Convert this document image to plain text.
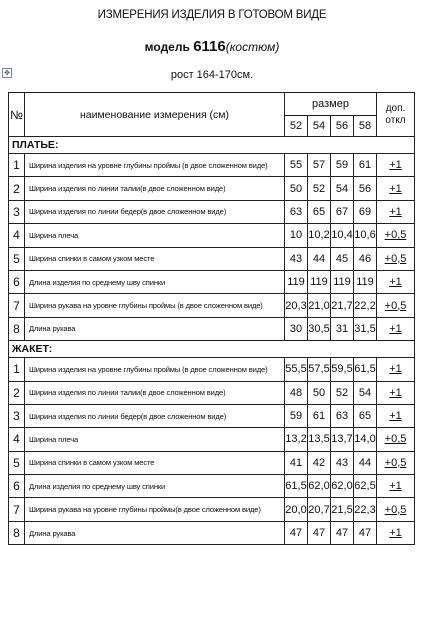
ИЗМЕРЕНИЯ ИЗДЕЛИЯ В ГОТОВОМ ВИДЕ
модель 6116(костюм)
рост 164-170см.
✥
№	наименование измерения (см)	размер				доп.
откл

		52	54	56	58	
ПЛАТЬЕ:						
1	Ширина изделия на уровне глубины проймы (в двое сложенном виде)	55	57	59	61	+1
2	Ширина изделия по линии талии(в двое сложенном виде)	50	52	54	56	+1
3	Ширина изделия по линии бедер(в двое сложенном виде)	63	65	67	69	+1
4	Ширина плеча	10	10,2	10,4	10,6	+0,5
5	Ширина спинки в самом узком месте	43	44	45	46	+0,5
6	Длина изделия по среднему шву спинки	119	119	119	119	+1
7	Ширина рукава на уровне глубины проймы (в двое сложенном виде)	20,3	21,0	21,7	22,2	+0,5
8	Длина рукава	30	30,5	31	31,5	+1
ЖАКЕТ:						
1	Ширина изделия на уровне глубины проймы (в двое сложенном виде)	55,5	57,5	59,5	61,5	+1
2	Ширина изделия по линии талии(в двое сложенном виде)	48	50	52	54	+1
3	Ширина изделия по линии бедер(в двое сложенном виде)	59	61	63	65	+1
4	Ширина плеча	13,2	13,5	13,7	14,0	+0,5
5	Ширина спинки в самом узком месте	41	42	43	44	+0,5
6	Длина изделия по среднему шву спинки	61,5	62,0	62,0	62,5	+1
7	Ширина рукава на уровне глубины проймы(в двое сложенном виде)	20,0	20,7	21,5	22,3	+0,5
8	Длина рукава	47	47	47	47	+1
